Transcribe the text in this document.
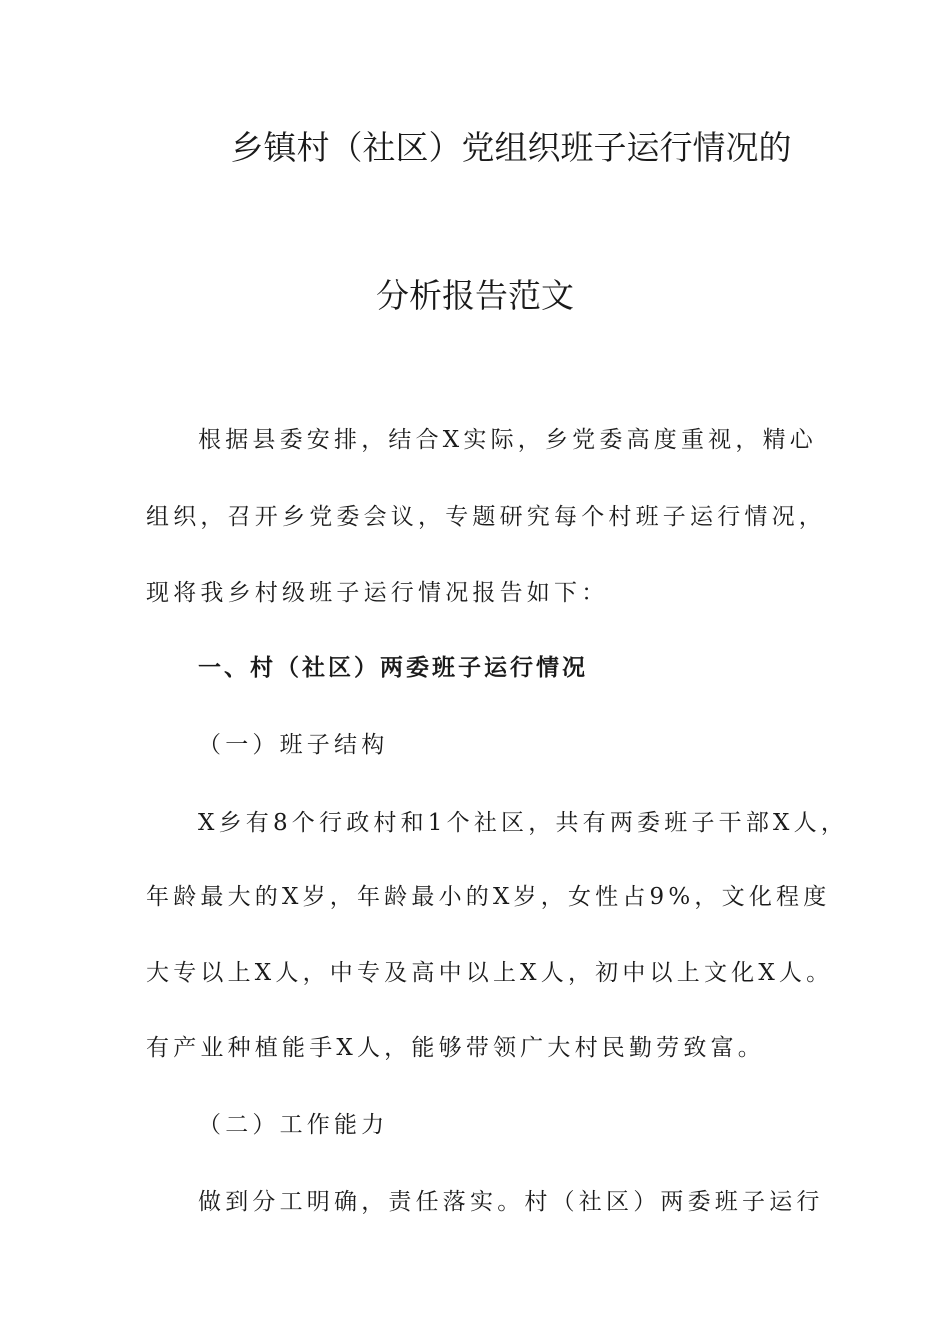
乡镇村（社区）党组织班子运行情况的
分析报告范文
根据县委安排，结合X实际，乡党委高度重视，精心
组织，召开乡党委会议，专题研究每个村班子运行情况，
现将我乡村级班子运行情况报告如下：
一、村（社区）两委班子运行情况
（一）班子结构
X乡有8个行政村和1个社区，共有两委班子干部X人，
年龄最大的X岁，年龄最小的X岁，女性占9%，文化程度
大专以上X人，中专及高中以上X人，初中以上文化X人。
有产业种植能手X人，能够带领广大村民勤劳致富。
（二）工作能力
做到分工明确，责任落实。村（社区）两委班子运行
